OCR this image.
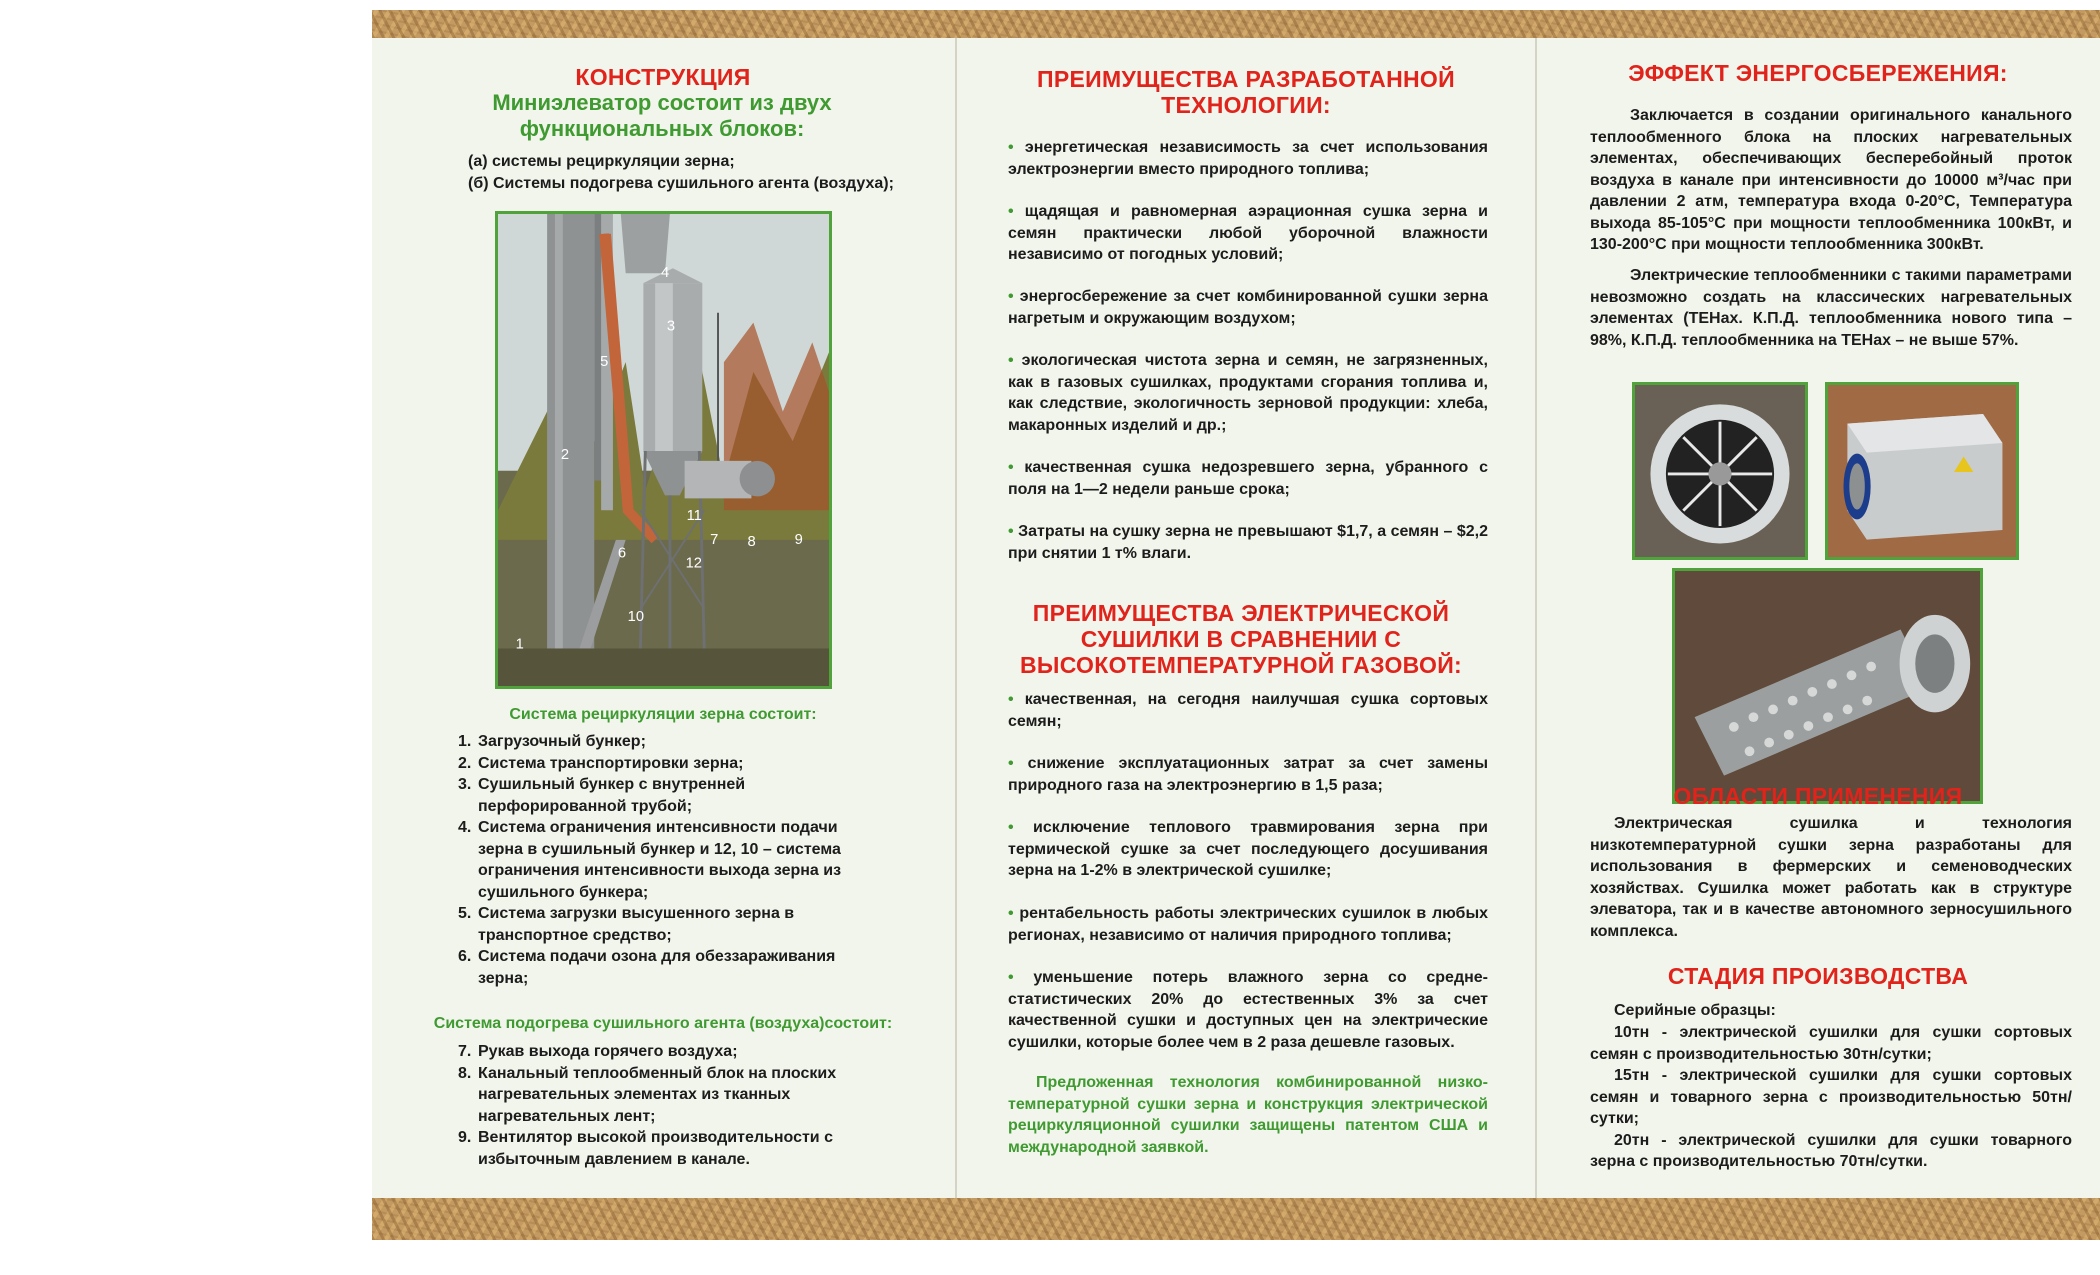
КОНСТРУКЦИЯ
Миниэлеватор состоит из двух функциональных блоков:
(а) системы рециркуляции зерна;
(б) Системы подогрева сушильного агента (воздуха);
1
2
3
4
5
6
7 8	9
10
11
12
Система рециркуляции зерна состоит:
1. Загрузочный бункер;
2. Система транспортировки зерна;
3. Сушильный бункер с внутренней перфорированной трубой;
4. Система ограничения интенсивности подачи зерна в сушильный бункер и 12, 10 – система ограничения интенсивности выхода зерна из сушильного бункера;
5. Система загрузки высушенного зерна в транспортное средство;
6. Система подачи озона для обеззараживания зерна;
Система подогрева сушильного агента (воздуха)состоит:
7. Рукав выхода горячего воздуха;
8. Канальный теплообменный блок на плоских нагревательных элементах из тканных нагревательных лент;
9. Вентилятор высокой производительности с избыточным давлением в канале.
ПРЕИМУЩЕСТВА РАЗРАБОТАННОЙ ТЕХНОЛОГИИ:

• энергетическая независимость за счет использования электроэнергии вместо природного топлива;

• щадящая и равномерная аэрационная сушка зерна и семян практически любой уборочной влажности независимо от погодных условий;

• энергосбережение за счет комбинированной сушки зерна нагретым и окружающим воздухом;

• экологическая чистота зерна и семян, не загрязненных, как в газовых сушилках, продуктами сгорания топлива и, как следствие, экологичность зерновой продукции: хлеба, макаронных изделий и др.;

• качественная сушка недозревшего зерна, убранного с поля на 1—2 недели раньше срока;

• Затраты на сушку зерна не превышают $1,7, а семян – $2,2 при снятии 1 т% влаги.

ПРЕИМУЩЕСТВА ЭЛЕКТРИЧЕСКОЙ СУШИЛКИ В СРАВНЕНИИ С ВЫСОКОТЕМПЕРАТУРНОЙ ГАЗОВОЙ:

• качественная, на сегодня наилучшая сушка сортовых семян;

• снижение эксплуатационных затрат за счет замены природного газа на электроэнергию в 1,5 раза;

• исключение теплового травмирования зерна при термической сушке за счет последующего досушивания зерна на 1-2% в электрической сушилке;

• рентабельность работы электрических сушилок в любых регионах, независимо от наличия природного топлива;

• уменьшение потерь влажного зерна со средне-статистических 20% до естественных 3% за счет качественной сушки и доступных цен на электрические сушилки, которые более чем в 2 раза дешевле газовых.

Предложенная технология комбинированной низко-температурной сушки зерна и конструкция электрической рециркуляционной сушилки защищены патентом США и международной заявкой.

ЭФФЕКТ ЭНЕРГОСБЕРЕЖЕНИЯ:

Заключается в создании оригинального канального теплообменного блока на плоских нагревательных элементах, обеспечивающих бесперебойный проток воздуха в канале при интенсивности до 10000 м³/час при давлении 2 атм, температура входа 0-20°С, Температура выхода 85-105°С при мощности теплообменника 100кВт, и 130-200°С при мощности теплообменника 300кВт.

Электрические теплообменники с такими параметрами невозможно создать на классических нагревательных элементах (ТЕНах. К.П.Д. теплообменника нового типа – 98%, К.П.Д. теплообменника на ТЕНах – не выше 57%.

ОБЛАСТИ ПРИМЕНЕНИЯ

Электрическая сушилка и технология низкотемпературной сушки зерна разработаны для использования в фермерских и семеноводческих хозяйствах. Сушилка может работать как в структуре элеватора, так и в качестве автономного зерносушильного комплекса.

СТАДИЯ ПРОИЗВОДСТВА
Серийные образцы:

10тн - электрической сушилки для сушки сортовых семян с производительностью 30тн/сутки;

15тн - электрической сушилки для сушки сортовых семян и товарного зерна с производительностью 50тн/сутки;

20тн - электрической сушилки для сушки товарного зерна с производительностью 70тн/сутки.
